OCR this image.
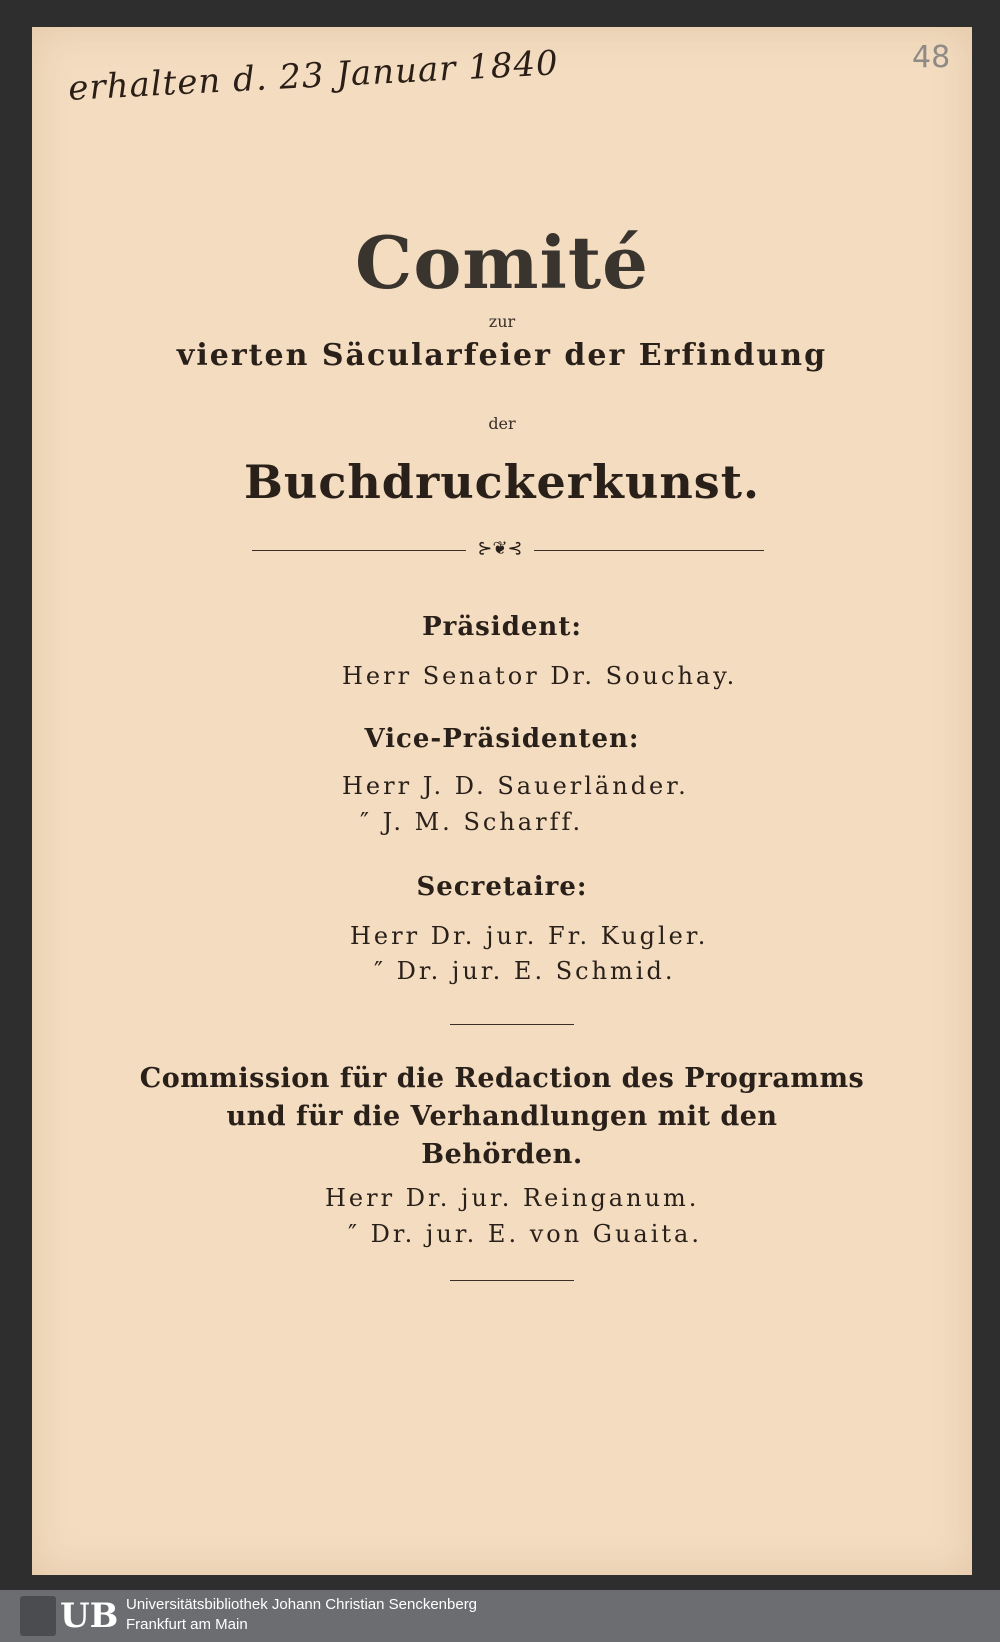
erhalten d. 23 Januar 1840	48
Comité
zur
vierten Säcularfeier der Erfindung
der
Buchdruckerkunst.
⊱❦⊰
Präsident:
Herr Senator Dr. Souchay.
Vice-Präsidenten:
Herr J. D. Sauerländer.
″ J. M. Scharff.
Secretaire:
Herr Dr. jur. Fr. Kugler.
″ Dr. jur. E. Schmid.
Commission für die Redaction des Programms
und für die Verhandlungen mit den
Behörden.
Herr Dr. jur. Reinganum.
″ Dr. jur. E. von Guaita.
UB Universitätsbibliothek Johann Christian Senckenberg
Frankfurt am Main
